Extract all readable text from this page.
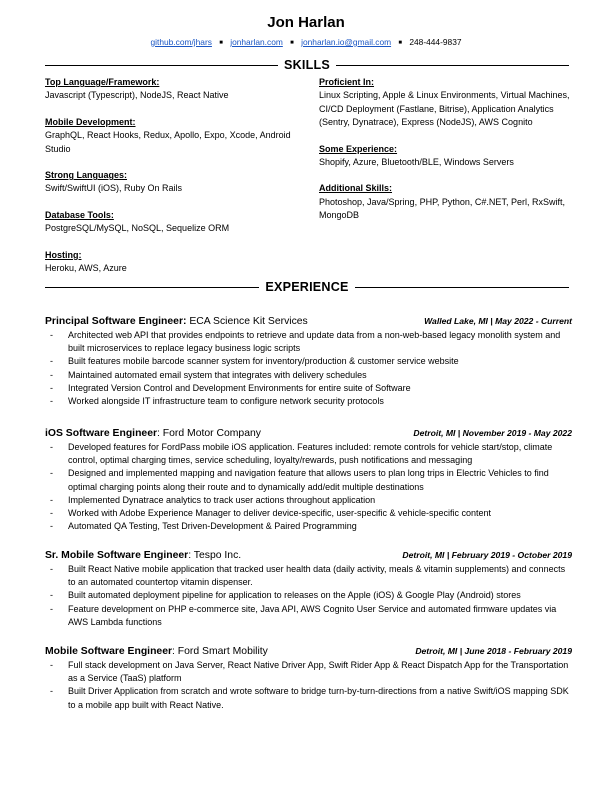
Jon Harlan
github.com/jhars ■ jonharlan.com ■ jonharlan.io@gmail.com ■ 248-444-9837
SKILLS
Top Language/Framework:
Javascript (Typescript), NodeJS, React Native
Mobile Development:
GraphQL, React Hooks, Redux, Apollo, Expo, Xcode, Android Studio
Strong Languages:
Swift/SwiftUI (iOS), Ruby On Rails
Database Tools:
PostgreSQL/MySQL, NoSQL, Sequelize ORM
Hosting:
Heroku, AWS, Azure
Proficient In:
Linux Scripting, Apple & Linux Environments, Virtual Machines, CI/CD Deployment (Fastlane, Bitrise), Application Analytics (Sentry, Dynatrace), Express (NodeJS), AWS Cognito
Some Experience:
Shopify, Azure, Bluetooth/BLE, Windows Servers
Additional Skills:
Photoshop, Java/Spring, PHP, Python, C#.NET, Perl, RxSwift, MongoDB
EXPERIENCE
Principal Software Engineer: ECA Science Kit Services	Walled Lake, MI | May 2022 - Current
- Architected web API that provides endpoints to retrieve and update data from a non-web-based legacy monolith system and built microservices to replace legacy business logic scripts
- Built features mobile barcode scanner system for inventory/production & customer service website
- Maintained automated email system that integrates with delivery schedules
- Integrated Version Control and Development Environments for entire suite of Software
- Worked alongside IT infrastructure team to configure network security protocols
iOS Software Engineer: Ford Motor Company	Detroit, MI | November 2019 - May 2022
- Developed features for FordPass mobile iOS application. Features included: remote controls for vehicle start/stop, climate control, optimal charging times, service scheduling, loyalty/rewards, push notifications and messaging
- Designed and implemented mapping and navigation feature that allows users to plan long trips in Electric Vehicles to find optimal charging points along their route and to dynamically add/edit multiple destinations
- Implemented Dynatrace analytics to track user actions throughout application
- Worked with Adobe Experience Manager to deliver device-specific, user-specific & vehicle-specific content
- Automated QA Testing, Test Driven-Development & Paired Programming
Sr. Mobile Software Engineer: Tespo Inc.	Detroit, MI | February 2019 - October 2019
- Built React Native mobile application that tracked user health data (daily activity, meals & vitamin supplements) and connects to an automated countertop vitamin dispenser.
- Built automated deployment pipeline for application to releases on the Apple (iOS) & Google Play (Android) stores
- Feature development on PHP e-commerce site, Java API, AWS Cognito User Service and automated firmware updates via AWS Lambda functions
Mobile Software Engineer: Ford Smart Mobility	Detroit, MI | June 2018 - February 2019
- Full stack development on Java Server, React Native Driver App, Swift Rider App & React Dispatch App for the Transportation as a Service (TaaS) platform
- Built Driver Application from scratch and wrote software to bridge turn-by-turn-directions from a native Swift/iOS mapping SDK to a mobile app built with React Native.
